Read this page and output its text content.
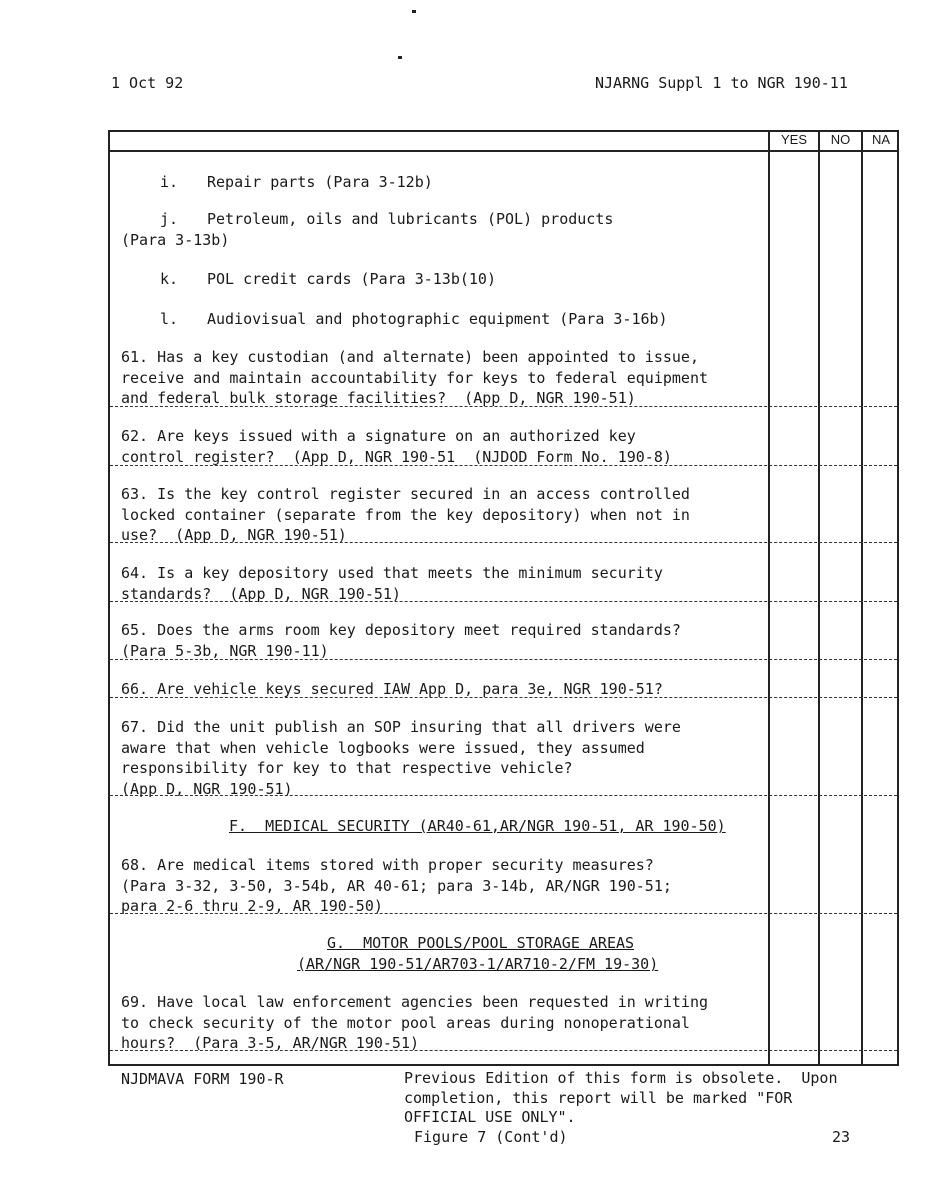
1 Oct 92	NJARNG Suppl 1 to NGR 190-11
YES	NO	NA
i. Repair parts (Para 3-12b)
j. Petroleum, oils and lubricants (POL) products
(Para 3-13b)
k. POL credit cards (Para 3-13b(10)
l. Audiovisual and photographic equipment (Para 3-16b)
61. Has a key custodian (and alternate) been appointed to issue,
receive and maintain accountability for keys to federal equipment
and federal bulk storage facilities?  (App D, NGR 190-51)
62. Are keys issued with a signature on an authorized key
control register?  (App D, NGR 190-51  (NJDOD Form No. 190-8)
63. Is the key control register secured in an access controlled
locked container (separate from the key depository) when not in
use?  (App D, NGR 190-51)
64. Is a key depository used that meets the minimum security
standards?  (App D, NGR 190-51)
65. Does the arms room key depository meet required standards?
(Para 5-3b, NGR 190-11)
66. Are vehicle keys secured IAW App D, para 3e, NGR 190-51?
67. Did the unit publish an SOP insuring that all drivers were
aware that when vehicle logbooks were issued, they assumed
responsibility for key to that respective vehicle?
(App D, NGR 190-51)
F.  MEDICAL SECURITY (AR40-61,AR/NGR 190-51, AR 190-50)
68. Are medical items stored with proper security measures?
(Para 3-32, 3-50, 3-54b, AR 40-61; para 3-14b, AR/NGR 190-51;
para 2-6 thru 2-9, AR 190-50)
G.  MOTOR POOLS/POOL STORAGE AREAS
(AR/NGR 190-51/AR703-1/AR710-2/FM 19-30)
69. Have local law enforcement agencies been requested in writing
to check security of the motor pool areas during nonoperational
hours?  (Para 3-5, AR/NGR 190-51)
NJDMAVA FORM 190-R	Previous Edition of this form is obsolete.  Upon
completion, this report will be marked "FOR
OFFICIAL USE ONLY".
Figure 7 (Cont'd)	23
